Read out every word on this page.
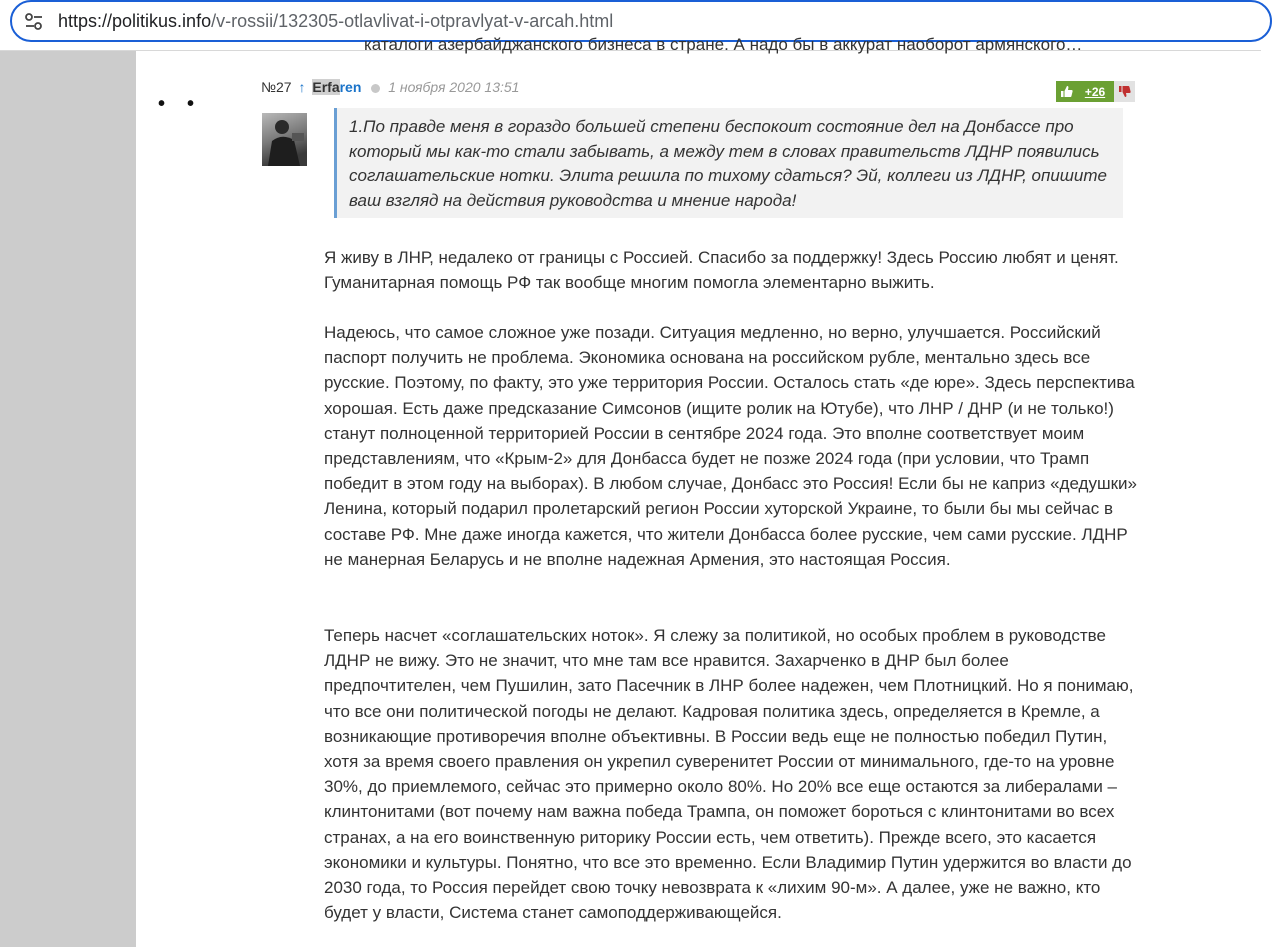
https://politikus.info/v-rossii/132305-otlavlivat-i-otpravlyat-v-arcah.html
каталоги азербайджанского бизнеса в стране. А надо бы в аккурат наоборот армянского…
••
№27 ↑ Erfaren 1 ноября 2020 13:51	+26
1.По правде меня в гораздо большей степени беспокоит состояние дел на Донбассе про который мы как-то стали забывать, а между тем в словах правительств ЛДНР появились соглашательские нотки. Элита решила по тихому сдаться? Эй, коллеги из ЛДНР, опишите ваш взгляд на действия руководства и мнение народа!
Я живу в ЛНР, недалеко от границы с Россией. Спасибо за поддержку! Здесь Россию любят и ценят. Гуманитарная помощь РФ так вообще многим помогла элементарно выжить.
Надеюсь, что самое сложное уже позади. Ситуация медленно, но верно, улучшается. Российский паспорт получить не проблема. Экономика основана на российском рубле, ментально здесь все русские. Поэтому, по факту, это уже территория России. Осталось стать «де юре». Здесь перспектива хорошая. Есть даже предсказание Симсонов (ищите ролик на Ютубе), что ЛНР / ДНР (и не только!) станут полноценной территорией России в сентябре 2024 года. Это вполне соответствует моим представлениям, что «Крым-2» для Донбасса будет не позже 2024 года (при условии, что Трамп победит в этом году на выборах). В любом случае, Донбасс это Россия! Если бы не каприз «дедушки» Ленина, который подарил пролетарский регион России хуторской Украине, то были бы мы сейчас в составе РФ. Мне даже иногда кажется, что жители Донбасса более русские, чем сами русские. ЛДНР не манерная Беларусь и не вполне надежная Армения, это настоящая Россия.
Теперь насчет «соглашательских ноток». Я слежу за политикой, но особых проблем в руководстве ЛДНР не вижу. Это не значит, что мне там все нравится. Захарченко в ДНР был более предпочтителен, чем Пушилин, зато Пасечник в ЛНР более надежен, чем Плотницкий. Но я понимаю, что все они политической погоды не делают. Кадровая политика здесь, определяется в Кремле, а возникающие противоречия вполне объективны. В России ведь еще не полностью победил Путин, хотя за время своего правления он укрепил суверенитет России от минимального, где-то на уровне 30%, до приемлемого, сейчас это примерно около 80%. Но 20% все еще остаются за либералами – клинтонитами (вот почему нам важна победа Трампа, он поможет бороться с клинтонитами во всех странах, а на его воинственную риторику России есть, чем ответить). Прежде всего, это касается экономики и культуры. Понятно, что все это временно. Если Владимир Путин удержится во власти до 2030 года, то Россия перейдет свою точку невозврата к «лихим 90-м». А далее, уже не важно, кто будет у власти, Система станет самоподдерживающейся.
